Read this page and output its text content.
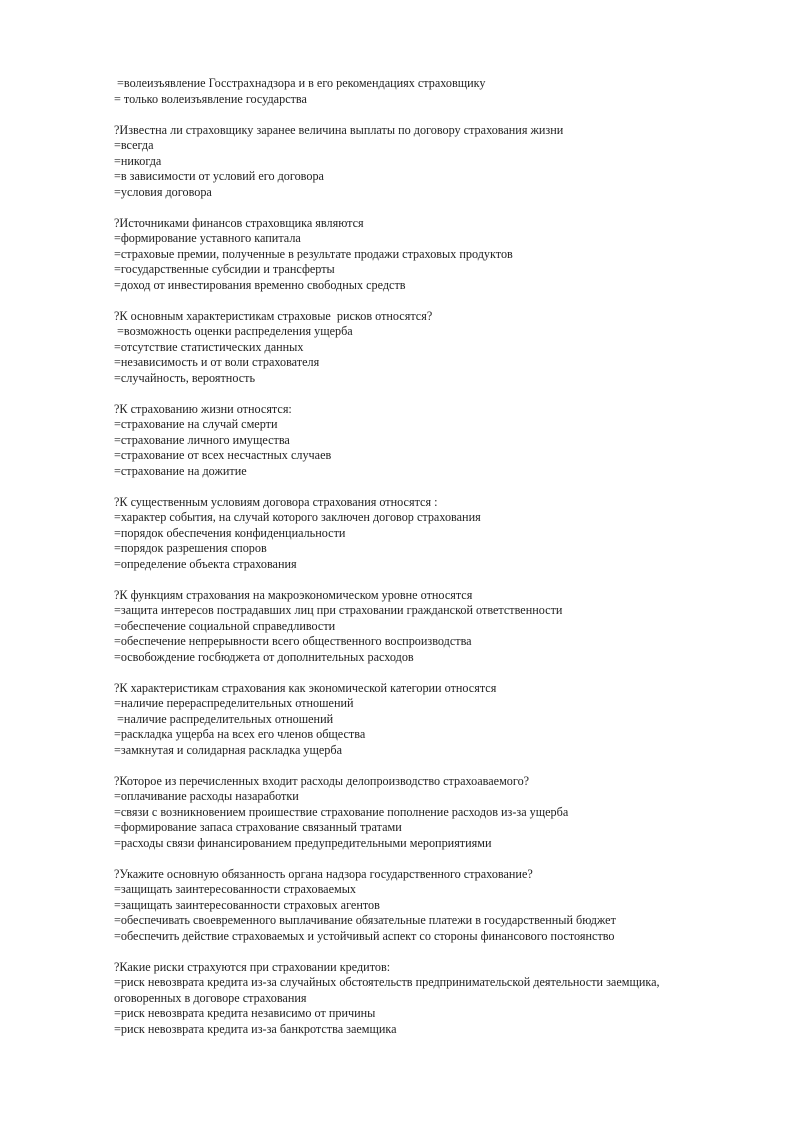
=волеизъявление Госстрахнадзора и в его рекомендациях страховщику
= только волеизъявление государства
?Известна ли страховщику заранее величина выплаты по договору страхования жизни
=всегда
=никогда
=в зависимости от условий его договора
=условия договора
?Источниками финансов страховщика являются
=формирование уставного капитала
=страховые премии, полученные в результате продажи страховых продуктов
=государственные субсидии и трансферты
=доход от инвестирования временно свободных средств
?К основным характеристикам страховые  рисков относятся?
=возможность оценки распределения ущерба
=отсутствие статистических данных
=независимость и от воли страхователя
=случайность, вероятность
?К страхованию жизни относятся:
=страхование на случай смерти
=страхование личного имущества
=страхование от всех несчастных случаев
=страхование на дожитие
?К существенным условиям договора страхования относятся :
=характер события, на случай которого заключен договор страхования
=порядок обеспечения конфиденциальности
=порядок разрешения споров
=определение объекта страхования
?К функциям страхования на макроэкономическом уровне относятся
=защита интересов пострадавших лиц при страховании гражданской ответственности
=обеспечение социальной справедливости
=обеспечение непрерывности всего общественного воспроизводства
=освобождение госбюджета от дополнительных расходов
?К характеристикам страхования как экономической категории относятся
=наличие перераспределительных отношений
=наличие распределительных отношений
=раскладка ущерба на всех его членов общества
=замкнутая и солидарная раскладка ущерба
?Которое из перечисленных входит расходы делопроизводство страхоаваемого?
=оплачивание расходы назаработки
=связи с возникновением проишествие страхование пополнение расходов из-за ущерба
=формирование запаса страхование связанный тратами
=расходы связи финансированием предупредительными мероприятиями
?Укажите основную обязанность органа надзора государственного страхование?
=защищать заинтересованности страховаемых
=защищать заинтересованности страховых агентов
=обеспечивать своевременного выплачивание обязательные платежи в государственный бюджет
=обеспечить действие страховаемых и устойчивый аспект со стороны финансового постоянство
?Какие риски страхуются при страховании кредитов:
=риск невозврата кредита из-за случайных обстоятельств предпринимательской деятельности заемщика,
оговоренных в договоре страхования
=риск невозврата кредита независимо от причины
=риск невозврата кредита из-за банкротства заемщика
